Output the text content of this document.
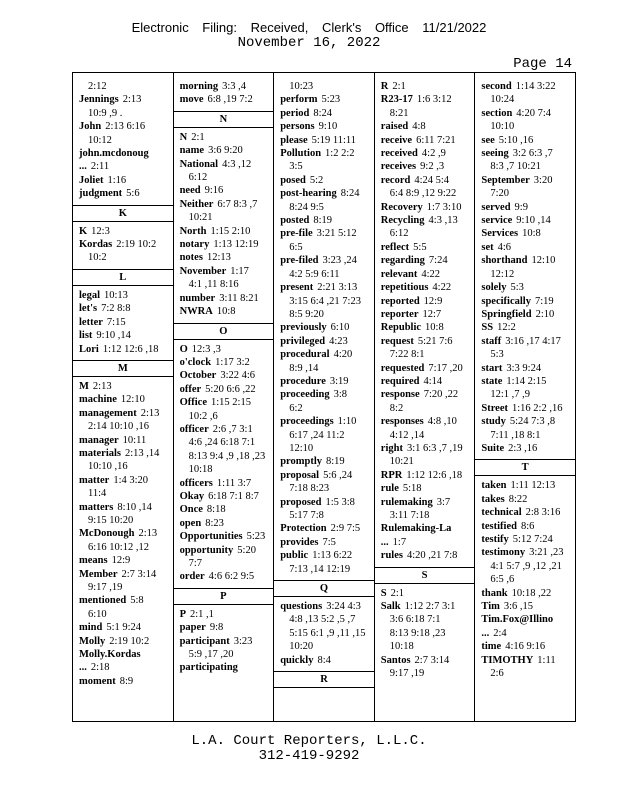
Electronic Filing: Received, Clerk's Office 11/21/2022
November 16, 2022
Page 14
2:12
Jennings 2:13
10:9 ,9 .
John 2:13 6:16
10:12
john.mcdonoug ... 2:11
Joliet 1:16
judgment 5:6
K
K 12:3
Kordas 2:19 10:2
10:2
L
legal 10:13
let's 7:2 8:8
letter 7:15
list 9:10 ,14
Lori 1:12 12:6 ,18
M
M 2:13
machine 12:10
management 2:13
2:14 10:10 ,16
manager 10:11
materials 2:13 ,14
10:10 ,16
matter 1:4 3:20
11:4
matters 8:10 ,14
9:15 10:20
McDonough 2:13
6:16 10:12 ,12
means 12:9
Member 2:7 3:14
9:17 ,19
mentioned 5:8
6:10
mind 5:1 9:24
Molly 2:19 10:2
Molly.Kordas ... 2:18
moment 8:9
morning 3:3 ,4
move 6:8 ,19 7:2
N
N 2:1
name 3:6 9:20
National 4:3 ,12
6:12
need 9:16
Neither 6:7 8:3 ,7
10:21
North 1:15 2:10
notary 1:13 12:19
notes 12:13
November 1:17
4:1 ,11 8:16
number 3:11 8:21
NWRA 10:8
O
O 12:3 ,3
o'clock 1:17 3:2
October 3:22 4:6
offer 5:20 6:6 ,22
Office 1:15 2:15
10:2 ,6
officer 2:6 ,7 3:1
4:6 ,24 6:18 7:1
8:13 9:4 ,9 ,18 ,23
10:18
officers 1:11 3:7
Okay 6:18 7:1 8:7
Once 8:18
open 8:23
Opportunities 5:23
opportunity 5:20
7:7
order 4:6 6:2 9:5
P
P 2:1 ,1
paper 9:8
participant 3:23
5:9 ,17 ,20
participating
10:23
perform 5:23
period 8:24
persons 9:10
please 5:19 11:11
Pollution 1:2 2:2
3:5
posed 5:2
post-hearing 8:24
8:24 9:5
posted 8:19
pre-file 3:21 5:12
6:5
pre-filed 3:23 ,24
4:2 5:9 6:11
present 2:21 3:13
3:15 6:4 ,21 7:23
8:5 9:20
previously 6:10
privileged 4:23
procedural 4:20
8:9 ,14
procedure 3:19
proceeding 3:8
6:2
proceedings 1:10
6:17 ,24 11:2
12:10
promptly 8:19
proposal 5:6 ,24
7:18 8:23
proposed 1:5 3:8
5:17 7:8
Protection 2:9 7:5
provides 7:5
public 1:13 6:22
7:13 ,14 12:19
Q
questions 3:24 4:3
4:8 ,13 5:2 ,5 ,7
5:15 6:1 ,9 ,11 ,15
10:20
quickly 8:4
R
R 2:1
R23-17 1:6 3:12
8:21
raised 4:8
receive 6:11 7:21
received 4:2 ,9
receives 9:2 ,3
record 4:24 5:4
6:4 8:9 ,12 9:22
Recovery 1:7 3:10
Recycling 4:3 ,13
6:12
reflect 5:5
regarding 7:24
relevant 4:22
repetitious 4:22
reported 12:9
reporter 12:7
Republic 10:8
request 5:21 7:6
7:22 8:1
requested 7:17 ,20
required 4:14
response 7:20 ,22
8:2
responses 4:8 ,10
4:12 ,14
right 3:1 6:3 ,7 ,19
10:21
RPR 1:12 12:6 ,18
rule 5:18
rulemaking 3:7
3:11 7:18
Rulemaking-La ... 1:7
rules 4:20 ,21 7:8
S
S 2:1
Salk 1:12 2:7 3:1
3:6 6:18 7:1
8:13 9:18 ,23
10:18
Santos 2:7 3:14
9:17 ,19
second 1:14 3:22
10:24
section 4:20 7:4
10:10
see 5:10 ,16
seeing 3:2 6:3 ,7
8:3 ,7 10:21
September 3:20
7:20
served 9:9
service 9:10 ,14
Services 10:8
set 4:6
shorthand 12:10
12:12
solely 5:3
specifically 7:19
Springfield 2:10
SS 12:2
staff 3:16 ,17 4:17
5:3
start 3:3 9:24
state 1:14 2:15
12:1 ,7 ,9
Street 1:16 2:2 ,16
study 5:24 7:3 ,8
7:11 ,18 8:1
Suite 2:3 ,16
T
taken 1:11 12:13
takes 8:22
technical 2:8 3:16
testified 8:6
testify 5:12 7:24
testimony 3:21 ,23
4:1 5:7 ,9 ,12 ,21
6:5 ,6
thank 10:18 ,22
Tim 3:6 ,15
Tim.Fox@Illino ... 2:4
time 4:16 9:16
TIMOTHY 1:11
2:6
L.A. Court Reporters, L.L.C.
312-419-9292
